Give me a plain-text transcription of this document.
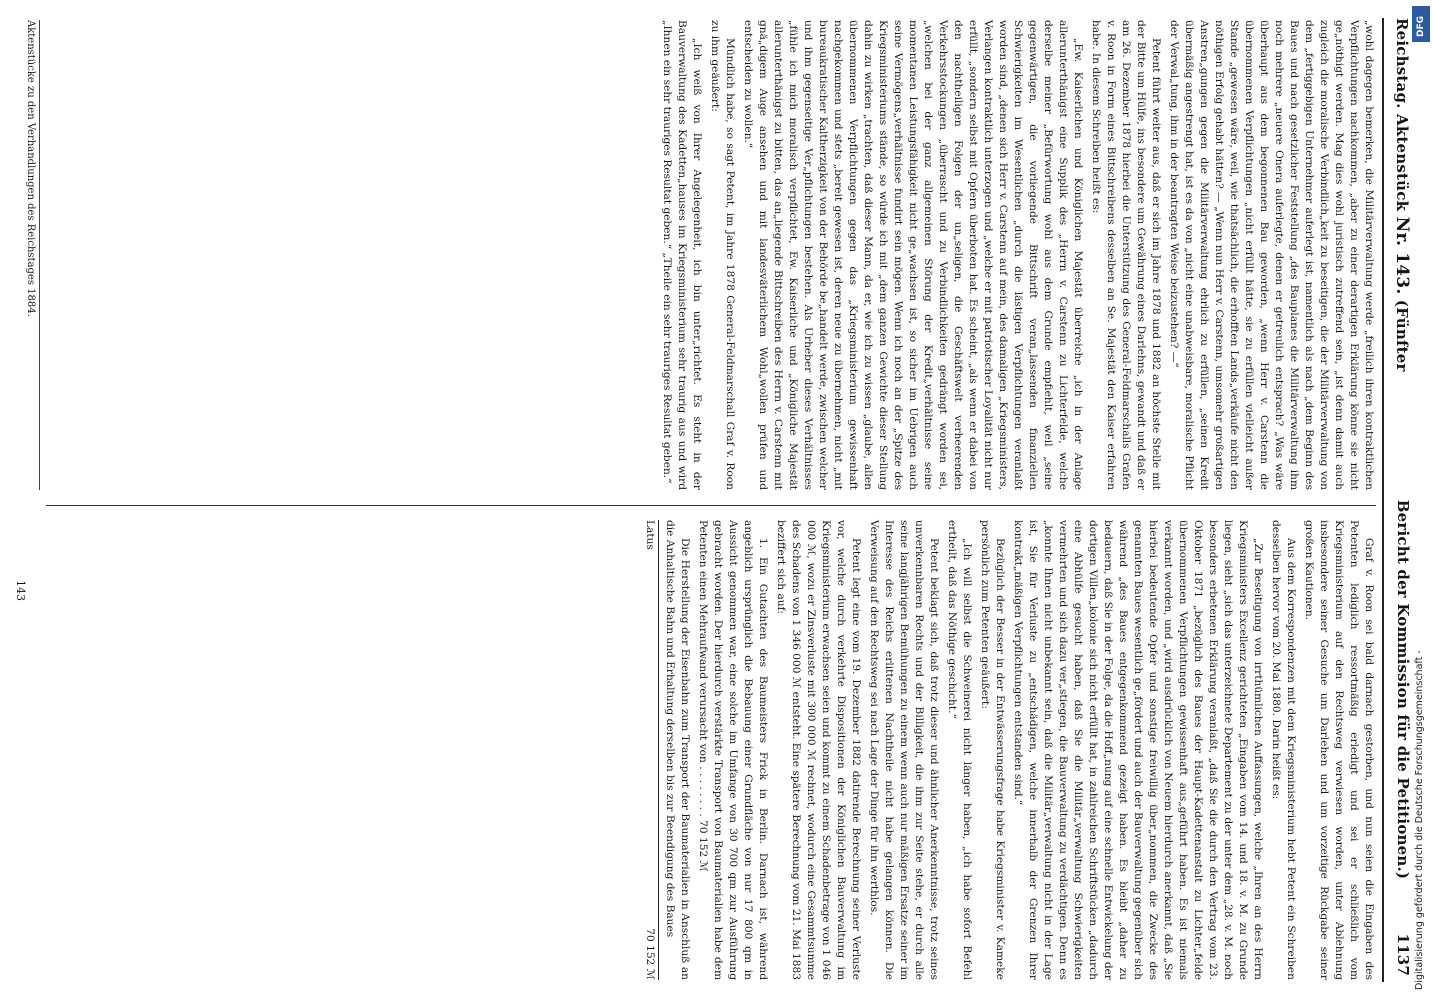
Reichstag. Aktenstück Nr. 143. (Fünfter
Bericht der Kommission für die Petitionen.)          1137

„wohl dagegen bemerken, die Militärverwaltung werde „freilich ihren kontraktlichen Verpflichtungen nachkommen, „aber zu einer derartigen Erklärung könne sie nicht ge„nöthigt werden. Mag dies wohl juristisch zutreffend sein, „ist denn damit auch zugleich die moralische Verbindlich„keit zu beseitigen, die der Militärverwaltung von dem „fertiggebigen Unternehmer auferlegt ist, namentlich als nach „dem Beginn des Baues und nach gesetzlicher Feststellung „des Bauplanes die Militärverwaltung ihm noch mehrere „neuere Onera auferlegte, denen er getreulich entsprach? „Was wäre überhaupt aus dem begonnenen Bau geworden, „wenn Herr v. Carstenn die übernommenen Verpflichtungen „nicht erfüllt hätte, sie zu erfüllen vielleicht außer Stande „gewesen wäre, weil, wie thatsächlich, die erhofften Lands„verkäufe nicht den nöthigen Erfolg gehabt hätten? — „Wenn nun Herr v. Carstenn, umsomehr großartigen Anstren„gungen gegen die Militärverwaltung ehrlich zu erfüllen, „seinen Kredit übermäßig angestrengt hat, ist es da von „nicht eine unabweisbare, moralische Pflicht der Verwal„tung, ihm in der beantragten Weise beizustehen? —“

Petent führt weiter aus, daß er sich im Jahre 1878 und 1882 an höchste Stelle mit der Bitte um Hülfe, ins besondere um Gewährung eines Darlehns, gewandt und daß er am 26. Dezember 1878 hierbei die Unterstützung des General-Feldmarschalls Grafen v. Roon in Form eines Bittschreibens desselben an Se. Majestät den Kaiser erfahren habe. In diesem Schreiben heißt es:

„Ew. Kaiserlichen und Königlichen Majestät überreiche „ich in der Anlage allerunterthänigst eine Supplik des „Herrn v. Carstenn zu Lichterfelde, welche derselbe meiner „Befürwortung wohl aus dem Grunde empfiehlt, weil „seine gegenwärtigen, die vorliegende Bittschrift veran„lassenden finanziellen Schwierigkeiten im Wesentlichen „durch die lästigen Verpflichtungen veranlaßt worden sind, „denen sich Herr v. Carstenn auf mein, des damaligen „Kriegsministers, Verlangen kontraktlich unterzogen und „welche er mit patriotischer Loyalität nicht nur erfüllt, „sondern selbst mit Opfern überboten hat. Es scheint, „als wenn er dabei von den nachtheiligen Folgen der un„seligen, die Geschäftswelt verheerenden Verkehrsstockungen „überrascht und zu Verbindlichkeiten gedrängt worden sei, „welchen bei der ganz allgemeinen Störung der Kredit„verhältnisse seine momentanen Leistungsfähigkeit nicht ge„wachsen ist, so sicher im Uebrigen auch seine Vermögens„verhältnisse fundirt sein mögen. Wenn ich noch an der „Spitze des Kriegsministeriums stände, so würde ich mit „dem ganzen Gewichte dieser Stellung dahin zu wirken „trachten, daß dieser Mann, da er, wie ich zu wissen „glaube, allen übernommenen Verpflichtungen gegen das „Kriegsministerium gewissenhaft nachgekommen und stets „bereit gewesen ist, deren neue zu übernehmen, nicht „mit bureaukratischer Kaltherzigkeit von der Behörde be„handelt werde, zwischen welcher und ihm gegenseitige Ver„pflichtungen bestehen. Als Urheber dieses Verhältnisses „fühle ich mich moralisch verpflichtet, Ew. Kaiserliche und „Königliche Majestät allerunterthänigst zu bitten, das an„liegende Bittschreiben des Herrn v. Carstenn mit gnä„digem Auge ansehen und mit landesväterlichem Wohl„wollen prüfen und entscheiden zu wollen.“

Mündlich habe, so sagt Petent, im Jahre 1878 General-Feldmarschall Graf v. Roon zu ihm geäußert:

„Ich weiß von Ihrer Angelegenheit, ich bin unter„richtet. Es steht in der Bauverwaltung des Kadetten„hauses im Kriegsministerium sehr traurig aus und wird „Ihnen ein sehr trauriges Resultat geben.“ „Theile ein sehr trauriges Resultat geben.“

Graf v. Roon sei bald darnach gestorben, und nun seien die Eingaben des Petenten lediglich ressortmäßig erledigt und sei er schließlich vom Kriegsministerium auf den Rechtsweg verwiesen worden, unter Ablehnung insbesondere seiner Gesuche um Darlehen und um vorzeitige Rückgabe seiner großen Kautionen.

Aus dem Korrespondenzen mit dem Kriegsministerium hebt Petent ein Schreiben desselben hervor vom 20. Mai 1880. Darin heißt es:

„Zur Beseitigung von irrthümlichen Auffassungen, welche „Ihren an des Herrn Kriegsministers Excellenz gerichteten „Eingaben vom 14. und 18. v. M. zu Grunde liegen, sieht „sich das unterzeichnete Departement zu der unter dem „28. v. M. noch besonders erbetenen Erklärung veranlaßt, „daß Sie die durch den Vertrag vom 23. Oktober 1871 „bezüglich des Baues der Haupt-Kadettenanstalt zu Lichter„felde übernommenen Verpflichtungen gewissenhaft aus„geführt haben. Es ist niemals verkannt worden, und „wird ausdrücklich von Neuem hierdurch anerkannt, daß „Sie hierbei bedeutende Opfer und sonstige freiwillig über„nommen, die Zwecke des genannten Baues wesentlich ge„fördert und auch der Bauverwaltung gegenüber sich während „des Baues entgegenkommend gezeigt haben. Es bleibt „daher zu bedauern, daß Sie in der Folge, da die Hoff„nung auf eine schnelle Entwickelung der dortigen Villen„kolonie sich nicht erfüllt hat, in zahlreichen Schriftstücken „dadurch eine Abhülfe gesucht haben, daß Sie die Militär„verwaltung Schwierigkeiten vermehrten und sich dazu ver„stiegen, die Bauverwaltung zu verdächtigen. Denn es „konnte Ihnen nicht unbekannt sein, daß die Militär„verwaltung nicht in der Lage ist, Sie für Verluste zu „entschädigen, welche innerhalb der Grenzen Ihrer kontrakt„mäßigen Verpflichtungen entstanden sind.“

Bezüglich der Besser in der Entwässerungsfrage habe Kriegsminister v. Kameke persönlich zum Petenten geäußert:

„Ich will selbst die Schweinerei nicht länger haben, „ich habe sofort Befehl ertheilt, daß das Nöthige geschicht.“

Petent beklagt sich, daß trotz dieser und ähnlicher Anerkenntnisse, trotz seines unverkennbaren Rechts und der Billigkeit, die ihm zur Seite stehe, er durch alle seine langjährigen Bemühungen zu einem wenn auch nur mäßigen Ersatze seiner im Interesse des Reichs erlittenen Nachtheile nicht habe gelangen können. Die Verweisung auf den Rechtsweg sei nach Lage der Dinge für ihn werthlos.

Petent legt eine vom 19. Dezember 1882 datirende Berechnung seiner Verluste vor, welche durch verkehrte Dispositionen der Königlichen Bauverwaltung im Kriegsministerium erwachsen seien und kommt zu einem Schadenbetrage von 1 046 000 ℳ, wozu er Zinsverluste mit 300 000 ℳ rechnet, wodurch eine Gesammtsumme des Schadens von 1 346 000 ℳ entsteht. Eine spätere Berechnung vom 21. Mai 1883 beziffert sich auf:

1. Ein Gutachten des Baumeisters Frick in Berlin. Darnach ist, während angeblich ursprünglich die Bebauung einer Grundfläche von nur 17 800 qm in Aussicht genommen war, eine solche im Umfange von 30 700 qm zur Ausführung gebracht worden. Der hierdurch verstärkte Transport von Baumaterialien habe dem Petenten einen Mehraufwand verursacht von . . . . . . . . 70 152 ℳ

Die Herstellung der Eisenbahn zum Transport der Baumaterialien in Anschluß an die Anhaltische Bahn und Erhaltung derselben bis zur Beendigung des Baues

Latus
70 152 ℳ
Aktenstücke zu den Verhandlungen des Reichstages 1884.
143
DFG
Digitalisierung gefördert durch die Deutsche Forschungsgemeinschaft -
